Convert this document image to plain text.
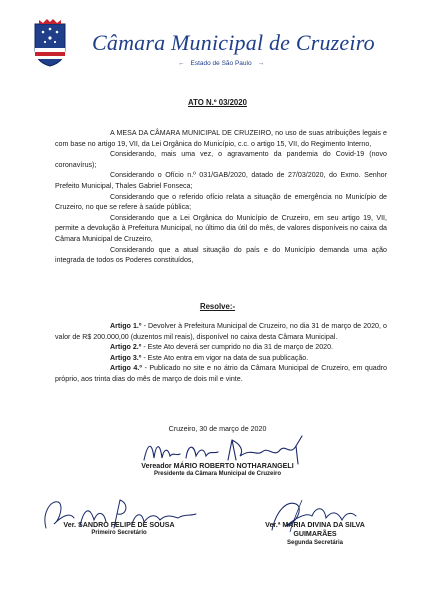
Câmara Municipal de Cruzeiro
← Estado de São Paulo →
ATO N.º 03/2020

A MESA DA CÂMARA MUNICIPAL DE CRUZEIRO, no uso de suas atribuições legais e com base no artigo 19, VII, da Lei Orgânica do Município, c.c. o artigo 15, VII, do Regimento Interno,

Considerando, mais uma vez, o agravamento da pandemia do Covid-19 (novo coronavírus);

Considerando o Ofício n.º 031/GAB/2020, datado de 27/03/2020, do Exmo. Senhor Prefeito Municipal, Thales Gabriel Fonseca;

Considerando que o referido ofício relata a situação de emergência no Município de Cruzeiro, no que se refere à saúde pública;

Considerando que a Lei Orgânica do Município de Cruzeiro, em seu artigo 19, VII, permite a devolução à Prefeitura Municipal, no último dia útil do mês, de valores disponíveis no caixa da Câmara Municipal de Cruzeiro,

Considerando que a atual situação do país e do Município demanda uma ação integrada de todos os Poderes constituídos,

Resolve:-

Artigo 1.º - Devolver à Prefeitura Municipal de Cruzeiro, no dia 31 de março de 2020, o valor de R$ 200.000,00 (duzentos mil reais), disponível no caixa desta Câmara Municipal.

Artigo 2.º - Este Ato deverá ser cumprido no dia 31 de março de 2020.

Artigo 3.º - Este Ato entra em vigor na data de sua publicação.

Artigo 4.º - Publicado no site e no átrio da Câmara Municipal de Cruzeiro, em quadro próprio, aos trinta dias do mês de março de dois mil e vinte.

Cruzeiro, 30 de março de 2020
Vereador MÁRIO ROBERTO NOTHARANGELI
Presidente da Câmara Municipal de Cruzeiro
Ver. SANDRO FELIPE DE SOUSA
Primeiro Secretário
Ver.ª MARIA DIVINA DA SILVA
GUIMARÃES
Segunda Secretária
